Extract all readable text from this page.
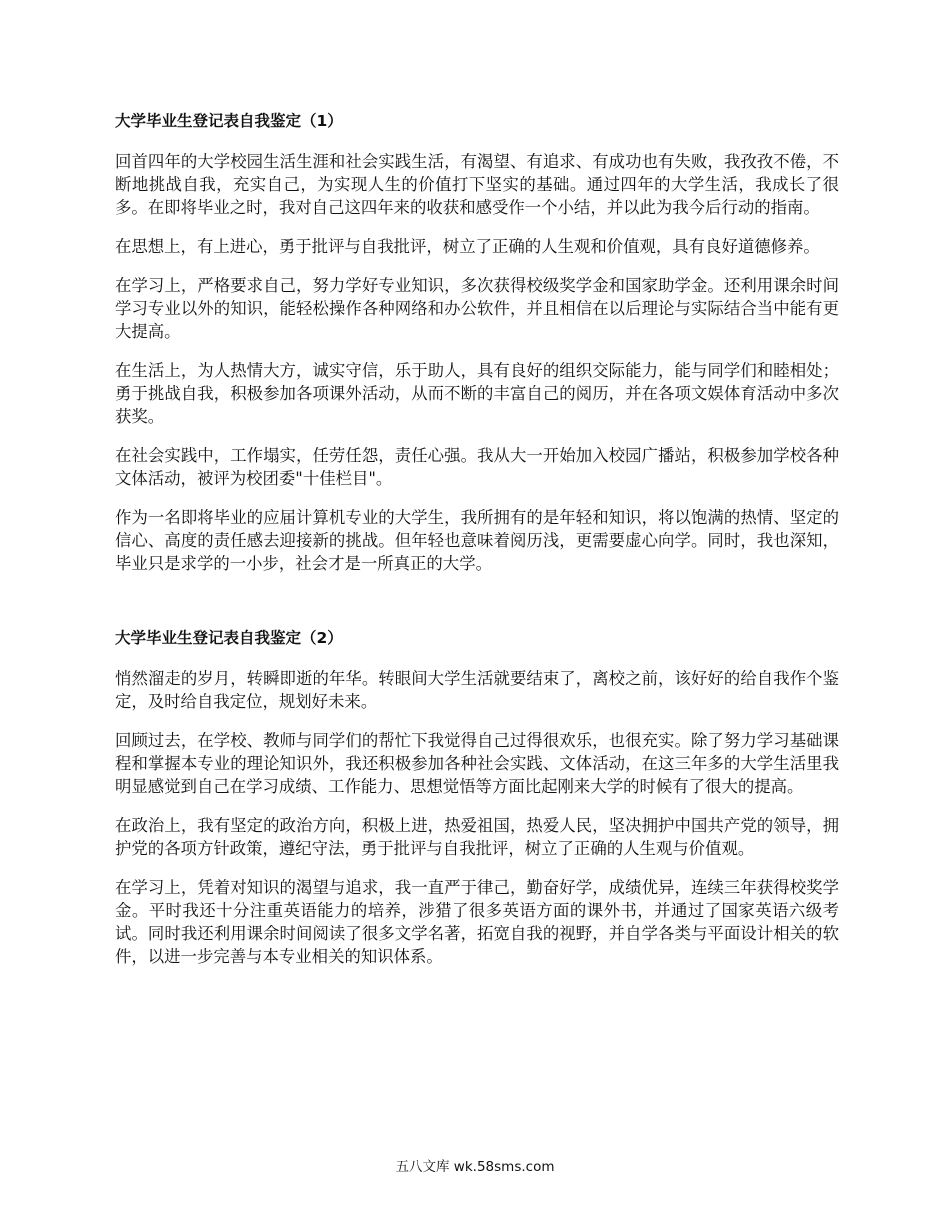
大学毕业生登记表自我鉴定（1）

回首四年的大学校园生活生涯和社会实践生活，有渴望、有追求、有成功也有失败，我孜孜不倦，不断地挑战自我，充实自己，为实现人生的价值打下坚实的基础。通过四年的大学生活，我成长了很多。在即将毕业之时，我对自己这四年来的收获和感受作一个小结，并以此为我今后行动的指南。

在思想上，有上进心，勇于批评与自我批评，树立了正确的人生观和价值观，具有良好道德修养。

在学习上，严格要求自己，努力学好专业知识，多次获得校级奖学金和国家助学金。还利用课余时间学习专业以外的知识，能轻松操作各种网络和办公软件，并且相信在以后理论与实际结合当中能有更大提高。

在生活上，为人热情大方，诚实守信，乐于助人，具有良好的组织交际能力，能与同学们和睦相处；勇于挑战自我，积极参加各项课外活动，从而不断的丰富自己的阅历，并在各项文娱体育活动中多次获奖。

在社会实践中，工作塌实，任劳任怨，责任心强。我从大一开始加入校园广播站，积极参加学校各种文体活动，被评为校团委"十佳栏目"。

作为一名即将毕业的应届计算机专业的大学生，我所拥有的是年轻和知识，将以饱满的热情、坚定的信心、高度的责任感去迎接新的挑战。但年轻也意味着阅历浅，更需要虚心向学。同时，我也深知，毕业只是求学的一小步，社会才是一所真正的大学。

大学毕业生登记表自我鉴定（2）

悄然溜走的岁月，转瞬即逝的年华。转眼间大学生活就要结束了，离校之前，该好好的给自我作个鉴定，及时给自我定位，规划好未来。

回顾过去，在学校、教师与同学们的帮忙下我觉得自己过得很欢乐，也很充实。除了努力学习基础课程和掌握本专业的理论知识外，我还积极参加各种社会实践、文体活动，在这三年多的大学生活里我明显感觉到自己在学习成绩、工作能力、思想觉悟等方面比起刚来大学的时候有了很大的提高。

在政治上，我有坚定的政治方向，积极上进，热爱祖国，热爱人民，坚决拥护中国共产党的领导，拥护党的各项方针政策，遵纪守法，勇于批评与自我批评，树立了正确的人生观与价值观。

在学习上，凭着对知识的渴望与追求，我一直严于律己，勤奋好学，成绩优异，连续三年获得校奖学金。平时我还十分注重英语能力的培养，涉猎了很多英语方面的课外书，并通过了国家英语六级考试。同时我还利用课余时间阅读了很多文学名著，拓宽自我的视野，并自学各类与平面设计相关的软件，以进一步完善与本专业相关的知识体系。

五八文库 wk.58sms.com
